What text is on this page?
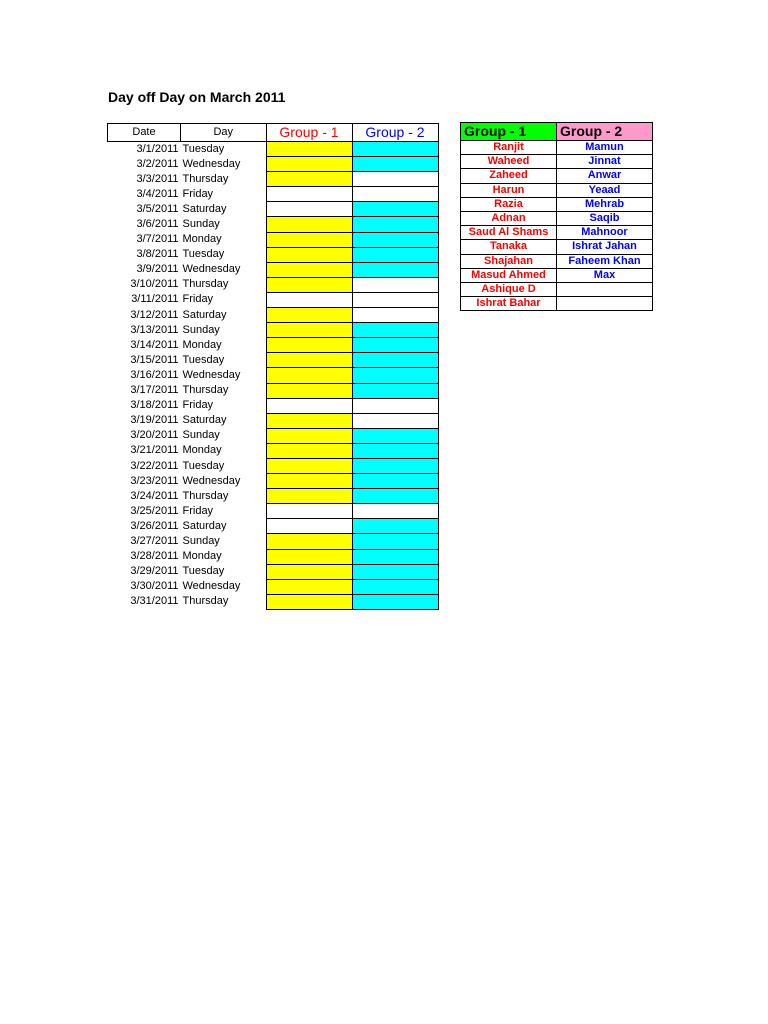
Day off Day on March 2011
Date	Day	Group - 1	Group - 2
3/1/2011	Tuesday		
3/2/2011	Wednesday		
3/3/2011	Thursday		
3/4/2011	Friday		
3/5/2011	Saturday		
3/6/2011	Sunday		
3/7/2011	Monday		
3/8/2011	Tuesday		
3/9/2011	Wednesday		
3/10/2011	Thursday		
3/11/2011	Friday		
3/12/2011	Saturday		
3/13/2011	Sunday		
3/14/2011	Monday		
3/15/2011	Tuesday		
3/16/2011	Wednesday		
3/17/2011	Thursday		
3/18/2011	Friday		
3/19/2011	Saturday		
3/20/2011	Sunday		
3/21/2011	Monday		
3/22/2011	Tuesday		
3/23/2011	Wednesday		
3/24/2011	Thursday		
3/25/2011	Friday		
3/26/2011	Saturday		
3/27/2011	Sunday		
3/28/2011	Monday		
3/29/2011	Tuesday		
3/30/2011	Wednesday		
3/31/2011	Thursday		
Group - 1	Group - 2
Ranjit	Mamun
Waheed	Jinnat
Zaheed	Anwar
Harun	Yeaad
Razia	Mehrab
Adnan	Saqib
Saud Al Shams	Mahnoor
Tanaka	Ishrat Jahan
Shajahan	Faheem Khan
Masud Ahmed	Max
Ashique D	
Ishrat Bahar	
